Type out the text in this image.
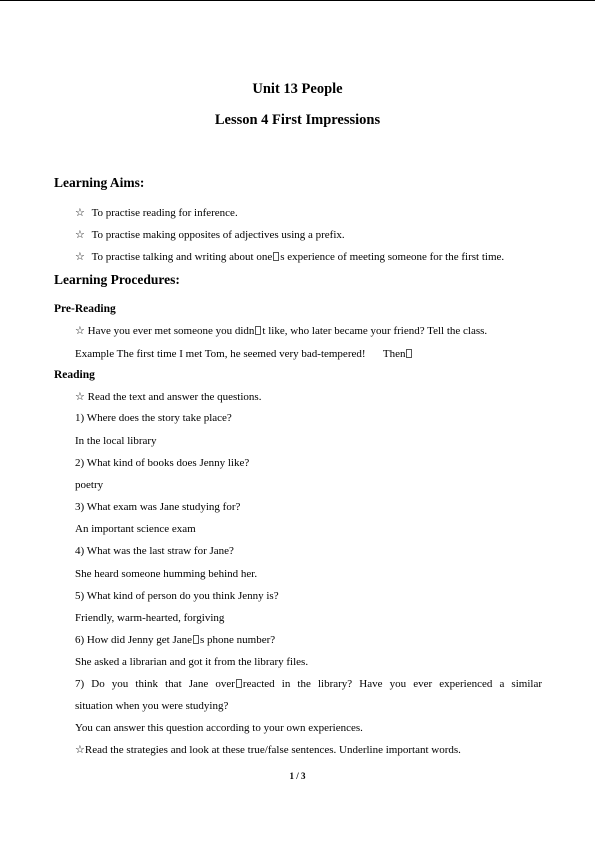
Unit 13 People
Lesson 4 First Impressions
Learning Aims:
☆ To practise reading for inference.
☆ To practise making opposites of adjectives using a prefix.
☆ To practise talking and writing about one s experience of meeting someone for the first time.
Learning Procedures:
Pre-Reading
☆ Have you ever met someone you didn t like, who later became your friend? Tell the class.
Example The first time I met Tom, he seemed very bad-tempered! Then
Reading
☆ Read the text and answer the questions.
1) Where does the story take place?
In the local library
2) What kind of books does Jenny like?
poetry
3) What exam was Jane studying for?
An important science exam
4) What was the last straw for Jane?
She heard someone humming behind her.
5) What kind of person do you think Jenny is?
Friendly, warm-hearted, forgiving
6) How did Jenny get Jane s phone number?
She asked a librarian and got it from the library files.
7) Do you think that Jane over reacted in the library? Have you ever experienced a similar
situation when you were studying?
You can answer this question according to your own experiences.
☆Read the strategies and look at these true/false sentences. Underline important words.
1 / 3
